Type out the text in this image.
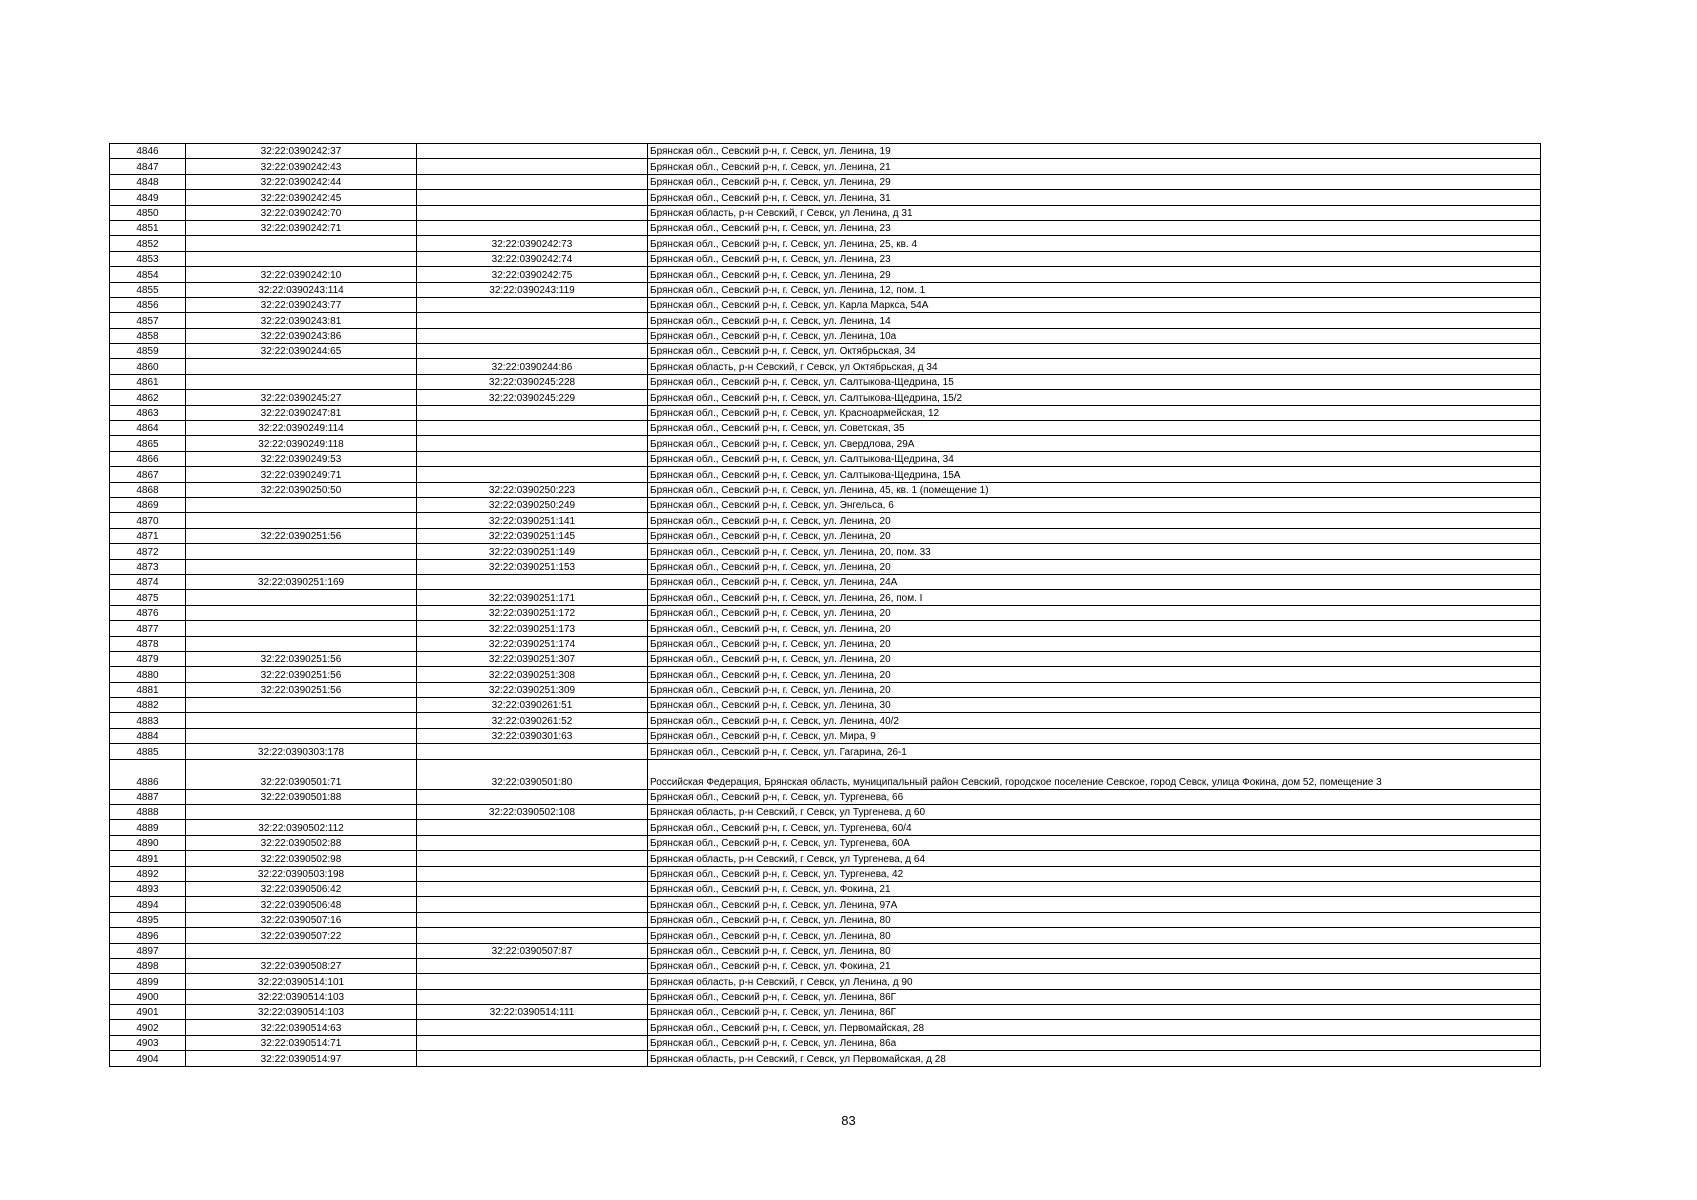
4846	32:22:0390242:37		Брянская обл., Севский р-н, г. Севск, ул. Ленина, 19
4847	32:22:0390242:43		Брянская обл., Севский р-н, г. Севск, ул. Ленина, 21
4848	32:22:0390242:44		Брянская обл., Севский р-н, г. Севск, ул. Ленина, 29
4849	32:22:0390242:45		Брянская обл., Севский р-н, г. Севск, ул. Ленина, 31
4850	32:22:0390242:70		Брянская область, р-н Севский, г Севск, ул Ленина, д 31
4851	32:22:0390242:71		Брянская обл., Севский р-н, г. Севск, ул. Ленина, 23
4852		32:22:0390242:73	Брянская обл., Севский р-н, г. Севск, ул. Ленина, 25, кв. 4
4853		32:22:0390242:74	Брянская обл., Севский р-н, г. Севск, ул. Ленина, 23
4854	32:22:0390242:10	32:22:0390242:75	Брянская обл., Севский р-н, г. Севск, ул. Ленина, 29
4855	32:22:0390243:114	32:22:0390243:119	Брянская обл., Севский р-н, г. Севск, ул. Ленина, 12, пом. 1
4856	32:22:0390243:77		Брянская обл., Севский р-н, г. Севск, ул. Карла Маркса, 54А
4857	32:22:0390243:81		Брянская обл., Севский р-н, г. Севск, ул. Ленина, 14
4858	32:22:0390243:86		Брянская обл., Севский р-н, г. Севск, ул. Ленина, 10а
4859	32:22:0390244:65		Брянская обл., Севский р-н, г. Севск, ул. Октябрьская, 34
4860		32:22:0390244:86	Брянская область, р-н Севский, г Севск, ул Октябрьская, д 34
4861		32:22:0390245:228	Брянская обл., Севский р-н, г. Севск, ул. Салтыкова-Щедрина, 15
4862	32:22:0390245:27	32:22:0390245:229	Брянская обл., Севский р-н, г. Севск, ул. Салтыкова-Щедрина, 15/2
4863	32:22:0390247:81		Брянская обл., Севский р-н, г. Севск, ул. Красноармейская, 12
4864	32:22:0390249:114		Брянская обл., Севский р-н, г. Севск, ул. Советская, 35
4865	32:22:0390249:118		Брянская обл., Севский р-н, г. Севск, ул. Свердлова, 29А
4866	32:22:0390249:53		Брянская обл., Севский р-н, г. Севск, ул. Салтыкова-Щедрина, 34
4867	32:22:0390249:71		Брянская обл., Севский р-н, г. Севск, ул. Салтыкова-Щедрина, 15А
4868	32:22:0390250:50	32:22:0390250:223	Брянская обл., Севский р-н, г. Севск, ул. Ленина, 45, кв. 1 (помещение 1)
4869		32:22:0390250:249	Брянская обл., Севский р-н, г. Севск, ул. Энгельса, 6
4870		32:22:0390251:141	Брянская обл., Севский р-н, г. Севск, ул. Ленина, 20
4871	32:22:0390251:56	32:22:0390251:145	Брянская обл., Севский р-н, г. Севск, ул. Ленина, 20
4872		32:22:0390251:149	Брянская обл., Севский р-н, г. Севск, ул. Ленина, 20, пом. 33
4873		32:22:0390251:153	Брянская обл., Севский р-н, г. Севск, ул. Ленина, 20
4874	32:22:0390251:169		Брянская обл., Севский р-н, г. Севск, ул. Ленина, 24А
4875		32:22:0390251:171	Брянская обл., Севский р-н, г. Севск, ул. Ленина, 26, пом. I
4876		32:22:0390251:172	Брянская обл., Севский р-н, г. Севск, ул. Ленина, 20
4877		32:22:0390251:173	Брянская обл., Севский р-н, г. Севск, ул. Ленина, 20
4878		32:22:0390251:174	Брянская обл., Севский р-н, г. Севск, ул. Ленина, 20
4879	32:22:0390251:56	32:22:0390251:307	Брянская обл., Севский р-н, г. Севск, ул. Ленина, 20
4880	32:22:0390251:56	32:22:0390251:308	Брянская обл., Севский р-н, г. Севск, ул. Ленина, 20
4881	32:22:0390251:56	32:22:0390251:309	Брянская обл., Севский р-н, г. Севск, ул. Ленина, 20
4882		32:22:0390261:51	Брянская обл., Севский р-н, г. Севск, ул. Ленина, 30
4883		32:22:0390261:52	Брянская обл., Севский р-н, г. Севск, ул. Ленина, 40/2
4884		32:22:0390301:63	Брянская обл., Севский р-н, г. Севск, ул. Мира, 9
4885	32:22:0390303:178		Брянская обл., Севский р-н, г. Севск, ул. Гагарина, 26-1
4886	32:22:0390501:71	32:22:0390501:80	Российская Федерация, Брянская область, муниципальный район Севский, городское поселение Севское, город Севск, улица Фокина, дом 52, помещение 3
4887	32:22:0390501:88		Брянская обл., Севский р-н, г. Севск, ул. Тургенева, 66
4888		32:22:0390502:108	Брянская область, р-н Севский, г Севск, ул Тургенева, д 60
4889	32:22:0390502:112		Брянская обл., Севский р-н, г. Севск, ул. Тургенева, 60/4
4890	32:22:0390502:88		Брянская обл., Севский р-н, г. Севск, ул. Тургенева, 60А
4891	32:22:0390502:98		Брянская область, р-н Севский, г Севск, ул Тургенева, д 64
4892	32:22:0390503:198		Брянская обл., Севский р-н, г. Севск, ул. Тургенева, 42
4893	32:22:0390506:42		Брянская обл., Севский р-н, г. Севск, ул. Фокина, 21
4894	32:22:0390506:48		Брянская обл., Севский р-н, г. Севск, ул. Ленина, 97А
4895	32:22:0390507:16		Брянская обл., Севский р-н, г. Севск, ул. Ленина, 80
4896	32:22:0390507:22		Брянская обл., Севский р-н, г. Севск, ул. Ленина, 80
4897		32:22:0390507:87	Брянская обл., Севский р-н, г. Севск, ул. Ленина, 80
4898	32:22:0390508:27		Брянская обл., Севский р-н, г. Севск, ул. Фокина, 21
4899	32:22:0390514:101		Брянская область, р-н Севский, г Севск, ул Ленина, д 90
4900	32:22:0390514:103		Брянская обл., Севский р-н, г. Севск, ул. Ленина, 86Г
4901	32:22:0390514:103	32:22:0390514:111	Брянская обл., Севский р-н, г. Севск, ул. Ленина, 86Г
4902	32:22:0390514:63		Брянская обл., Севский р-н, г. Севск, ул. Первомайская, 28
4903	32:22:0390514:71		Брянская обл., Севский р-н, г. Севск, ул. Ленина, 86а
4904	32:22:0390514:97		Брянская область, р-н Севский, г Севск, ул Первомайская, д 28
83
